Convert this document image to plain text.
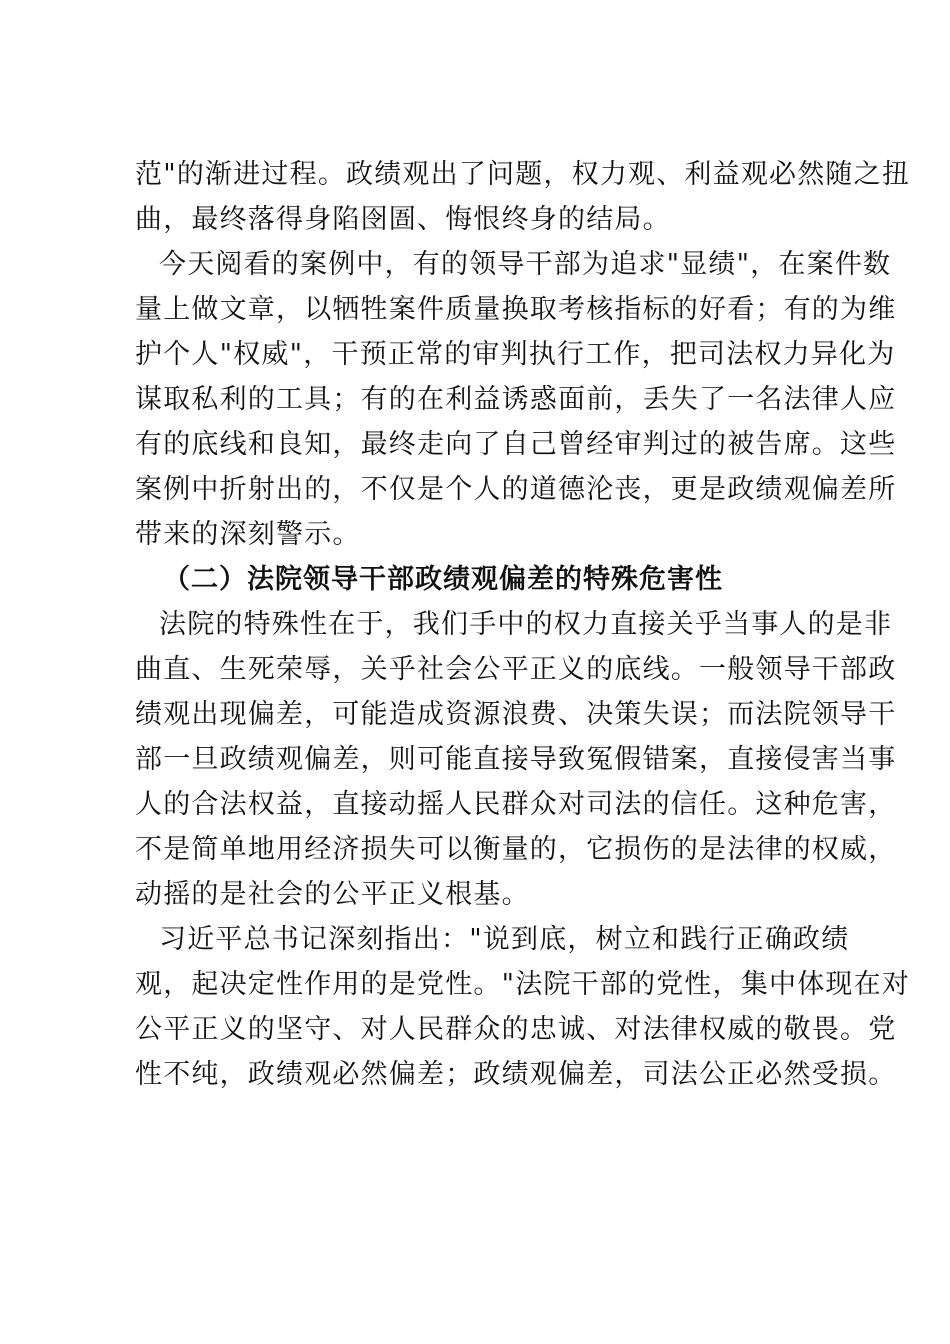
范"的渐进过程。政绩观出了问题，权力观、利益观必然随之扭
曲，最终落得身陷囹圄、悔恨终身的结局。

今天阅看的案例中，有的领导干部为追求"显绩"，在案件数
量上做文章，以牺牲案件质量换取考核指标的好看；有的为维
护个人"权威"，干预正常的审判执行工作，把司法权力异化为
谋取私利的工具；有的在利益诱惑面前，丢失了一名法律人应
有的底线和良知，最终走向了自己曾经审判过的被告席。这些
案例中折射出的，不仅是个人的道德沦丧，更是政绩观偏差所
带来的深刻警示。

（二）法院领导干部政绩观偏差的特殊危害性

法院的特殊性在于，我们手中的权力直接关乎当事人的是非
曲直、生死荣辱，关乎社会公平正义的底线。一般领导干部政
绩观出现偏差，可能造成资源浪费、决策失误；而法院领导干
部一旦政绩观偏差，则可能直接导致冤假错案，直接侵害当事
人的合法权益，直接动摇人民群众对司法的信任。这种危害，
不是简单地用经济损失可以衡量的，它损伤的是法律的权威，
动摇的是社会的公平正义根基。

习近平总书记深刻指出："说到底，树立和践行正确政绩
观，起决定性作用的是党性。"法院干部的党性，集中体现在对
公平正义的坚守、对人民群众的忠诚、对法律权威的敬畏。党
性不纯，政绩观必然偏差；政绩观偏差，司法公正必然受损。
